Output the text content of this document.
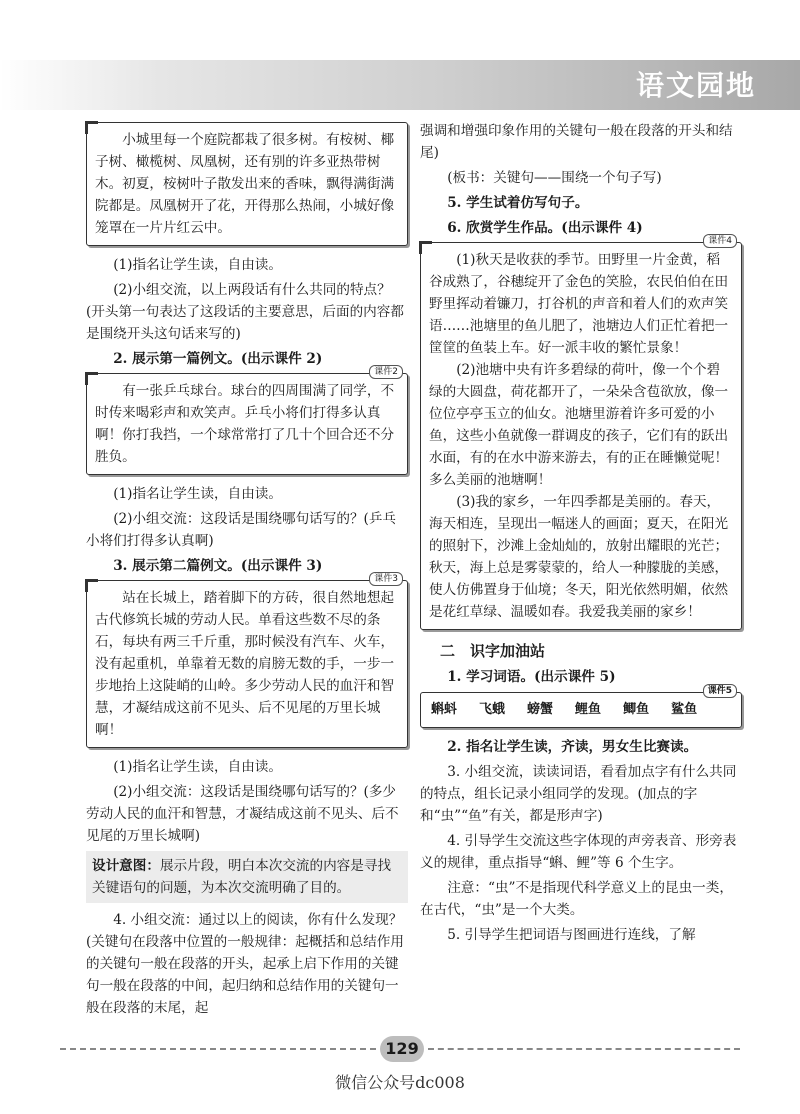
语文园地

小城里每一个庭院都栽了很多树。有桉树、椰子树、橄榄树、凤凰树，还有别的许多亚热带树木。初夏，桉树叶子散发出来的香味，飘得满街满院都是。凤凰树开了花，开得那么热闹，小城好像笼罩在一片片红云中。

(1)指名让学生读，自由读。

(2)小组交流，以上两段话有什么共同的特点？(开头第一句表达了这段话的主要意思，后面的内容都是围绕开头这句话来写的)

2. 展示第一篇例文。(出示课件 2)

课件2

有一张乒乓球台。球台的四周围满了同学，不时传来喝彩声和欢笑声。乒乓小将们打得多认真啊！你打我挡，一个球常常打了几十个回合还不分胜负。

(1)指名让学生读，自由读。

(2)小组交流：这段话是围绕哪句话写的？(乒乓小将们打得多认真啊)

3. 展示第二篇例文。(出示课件 3)

课件3

站在长城上，踏着脚下的方砖，很自然地想起古代修筑长城的劳动人民。单看这些数不尽的条石，每块有两三千斤重，那时候没有汽车、火车，没有起重机，单靠着无数的肩膀无数的手，一步一步地抬上这陡峭的山岭。多少劳动人民的血汗和智慧，才凝结成这前不见头、后不见尾的万里长城啊！

(1)指名让学生读，自由读。

(2)小组交流：这段话是围绕哪句话写的？(多少劳动人民的血汗和智慧，才凝结成这前不见头、后不见尾的万里长城啊)

设计意图：展示片段，明白本次交流的内容是寻找关键语句的问题，为本次交流明确了目的。

4. 小组交流：通过以上的阅读，你有什么发现？(关键句在段落中位置的一般规律：起概括和总结作用的关键句一般在段落的开头，起承上启下作用的关键句一般在段落的中间，起归纳和总结作用的关键句一般在段落的末尾，起

强调和增强印象作用的关键句一般在段落的开头和结尾)

(板书：关键句——围绕一个句子写)

5. 学生试着仿写句子。

6. 欣赏学生作品。(出示课件 4)

课件4

(1)秋天是收获的季节。田野里一片金黄，稻谷成熟了，谷穗绽开了金色的笑脸，农民伯伯在田野里挥动着镰刀，打谷机的声音和着人们的欢声笑语……池塘里的鱼儿肥了，池塘边人们正忙着把一筐筐的鱼装上车。好一派丰收的繁忙景象！

(2)池塘中央有许多碧绿的荷叶，像一个个碧绿的大圆盘，荷花都开了，一朵朵含苞欲放，像一位位亭亭玉立的仙女。池塘里游着许多可爱的小鱼，这些小鱼就像一群调皮的孩子，它们有的跃出水面，有的在水中游来游去，有的正在睡懒觉呢！多么美丽的池塘啊！

(3)我的家乡，一年四季都是美丽的。春天，海天相连，呈现出一幅迷人的画面；夏天，在阳光的照射下，沙滩上金灿灿的，放射出耀眼的光芒；秋天，海上总是雾蒙蒙的，给人一种朦胧的美感，使人仿佛置身于仙境；冬天，阳光依然明媚，依然是花红草绿、温暖如春。我爱我美丽的家乡！

二　识字加油站

1. 学习词语。(出示课件 5)

课件5
蝌蚪 飞蛾 螃蟹 鲤鱼 鲫鱼 鲨鱼

2. 指名让学生读，齐读，男女生比赛读。

3. 小组交流，读读词语，看看加点字有什么共同的特点，组长记录小组同学的发现。(加点的字和“虫”“鱼”有关，都是形声字)

4. 引导学生交流这些字体现的声旁表音、形旁表义的规律，重点指导“蝌、鲤”等 6 个生字。

注意：“虫”不是指现代科学意义上的昆虫一类，在古代，“虫”是一个大类。

5. 引导学生把词语与图画进行连线，了解

129
微信公众号dc008
